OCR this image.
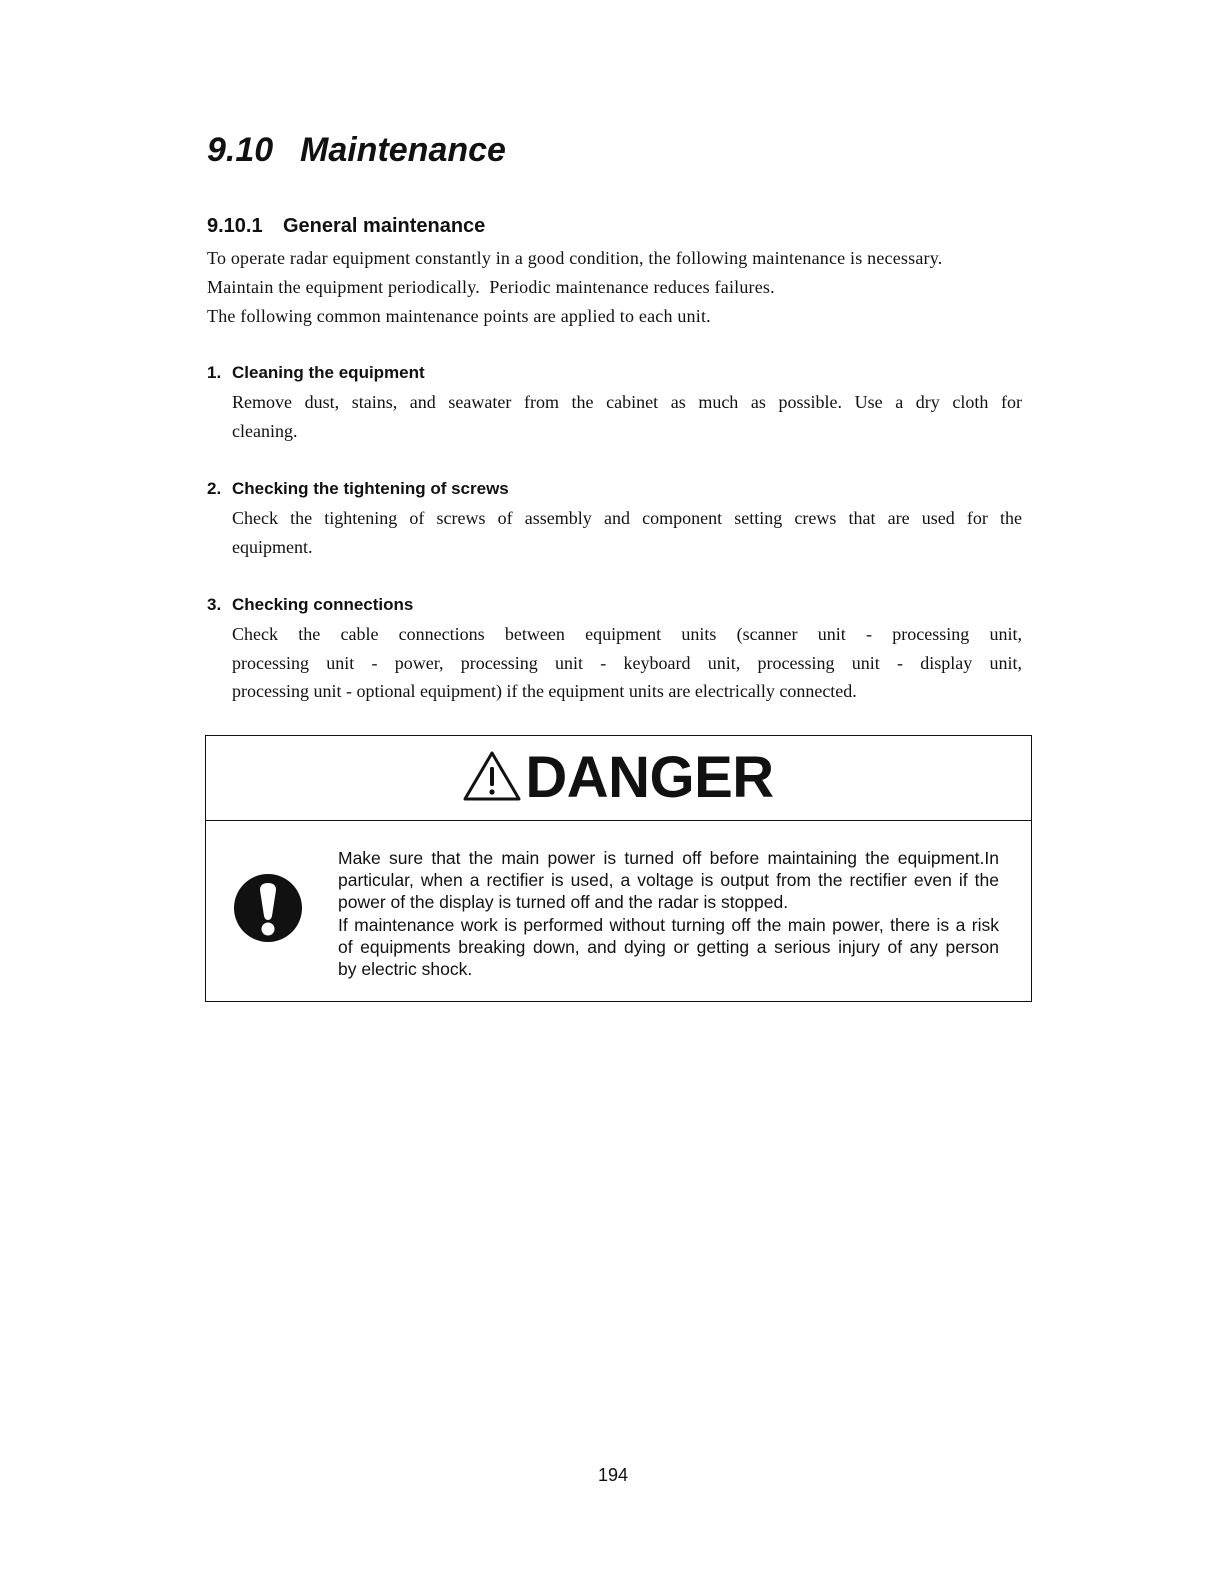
9.10 Maintenance
9.10.1 General maintenance
To operate radar equipment constantly in a good condition, the following maintenance is necessary.
Maintain the equipment periodically.  Periodic maintenance reduces failures.
The following common maintenance points are applied to each unit.
1. Cleaning the equipment
Remove dust, stains, and seawater from the cabinet as much as possible. Use a dry cloth for
cleaning.
2. Checking the tightening of screws
Check the tightening of screws of assembly and component setting crews that are used for the
equipment.
3. Checking connections
Check the cable connections between equipment units (scanner unit - processing unit,
processing unit - power, processing unit - keyboard unit, processing unit - display unit,
processing unit - optional equipment) if the equipment units are electrically connected.
DANGER
Make sure that the main power is turned off before maintaining the equipment.In
particular, when a rectifier is used, a voltage is output from the rectifier even if the
power of the display is turned off and the radar is stopped.
If maintenance work is performed without turning off the main power, there is a risk
of equipments breaking down, and dying or getting a serious injury of any person
by electric shock.
194
